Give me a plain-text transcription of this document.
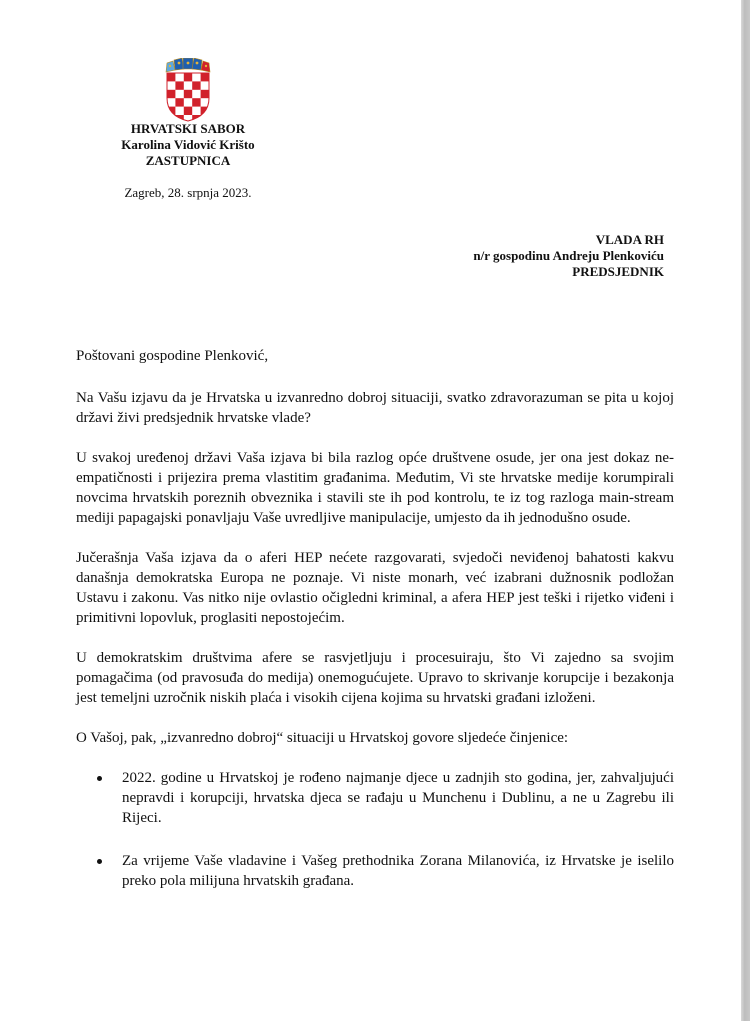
HRVATSKI SABOR
Karolina Vidović Krišto
ZASTUPNICA
Zagreb, 28. srpnja 2023.
VLADA RH
n/r gospodinu Andreju Plenkoviću
PREDSJEDNIK

Poštovani gospodine Plenković,

Na Vašu izjavu da je Hrvatska u izvanredno dobroj situaciji, svatko zdravorazuman se pita u kojoj državi živi predsjednik hrvatske vlade?

U svakoj uređenoj državi Vaša izjava bi bila razlog opće društvene osude, jer ona jest dokaz ne-empatičnosti i prijezira prema vlastitim građanima. Međutim, Vi ste hrvatske medije korumpirali novcima hrvatskih poreznih obveznika i stavili ste ih pod kontrolu, te iz tog razloga main-stream mediji papagajski ponavljaju Vaše uvredljive manipulacije, umjesto da ih jednodušno osude.

Jučerašnja Vaša izjava da o aferi HEP nećete razgovarati, svjedoči neviđenoj bahatosti kakvu današnja demokratska Europa ne poznaje. Vi niste monarh, već izabrani dužnosnik podložan Ustavu i zakonu. Vas nitko nije ovlastio očigledni kriminal, a afera HEP jest teški i rijetko viđeni i primitivni lopovluk, proglasiti nepostojećim.

U demokratskim društvima afere se rasvjetljuju i procesuiraju, što Vi zajedno sa svojim pomagačima (od pravosuđa do medija) onemogućujete. Upravo to skrivanje korupcije i bezakonja jest temeljni uzročnik niskih plaća i visokih cijena kojima su hrvatski građani izloženi.

O Vašoj, pak, „izvanredno dobroj“ situaciji u Hrvatskoj govore sljedeće činjenice:

2022. godine u Hrvatskoj je rođeno najmanje djece u zadnjih sto godina, jer, zahvaljujući nepravdi i korupciji, hrvatska djeca se rađaju u Munchenu i Dublinu, a ne u Zagrebu ili Rijeci.
Za vrijeme Vaše vladavine i Vašeg prethodnika Zorana Milanovića, iz Hrvatske je iselilo preko pola milijuna hrvatskih građana.
